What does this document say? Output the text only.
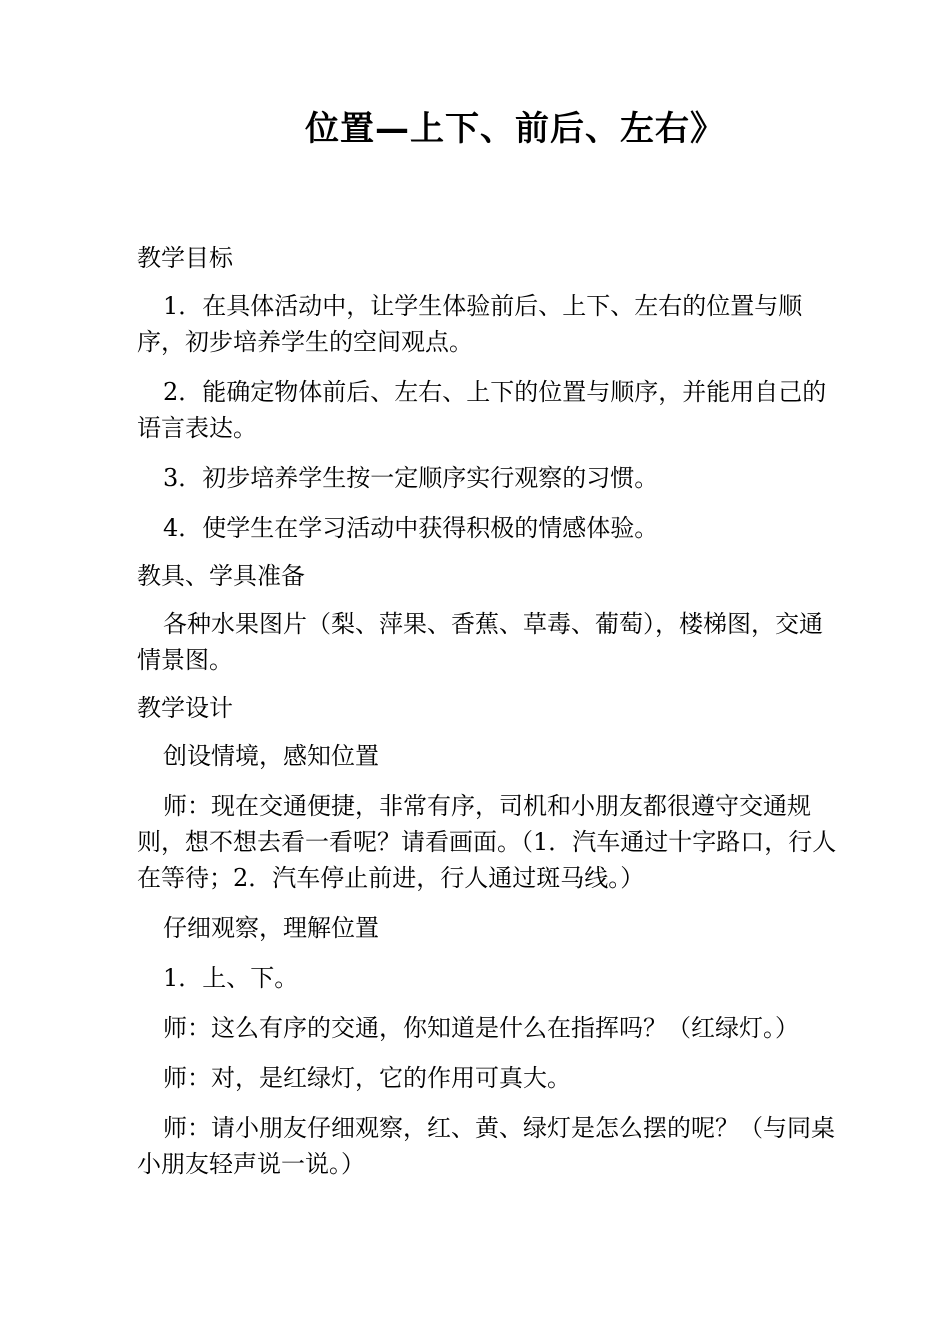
位置—上下、前后、左右》

教学目标

1．在具体活动中，让学生体验前后、上下、左右的位置与顺序，初步培养学生的空间观点。

2．能确定物体前后、左右、上下的位置与顺序，并能用自己的语言表达。

3．初步培养学生按一定顺序实行观察的习惯。

4．使学生在学习活动中获得积极的情感体验。

教具、学具准备

各种水果图片（梨、萍果、香蕉、草毒、葡萄），楼梯图，交通情景图。

教学设计

创设情境，感知位置

师：现在交通便捷，非常有序，司机和小朋友都很遵守交通规则，想不想去看一看呢？请看画面。（1．汽车通过十字路口，行人在等待；2．汽车停止前进，行人通过斑马线。）

仔细观察，理解位置

1．上、下。

师：这么有序的交通，你知道是什么在指挥吗？（红绿灯。）

师：对，是红绿灯，它的作用可真大。

师：请小朋友仔细观察，红、黄、绿灯是怎么摆的呢？（与同桌小朋友轻声说一说。）
